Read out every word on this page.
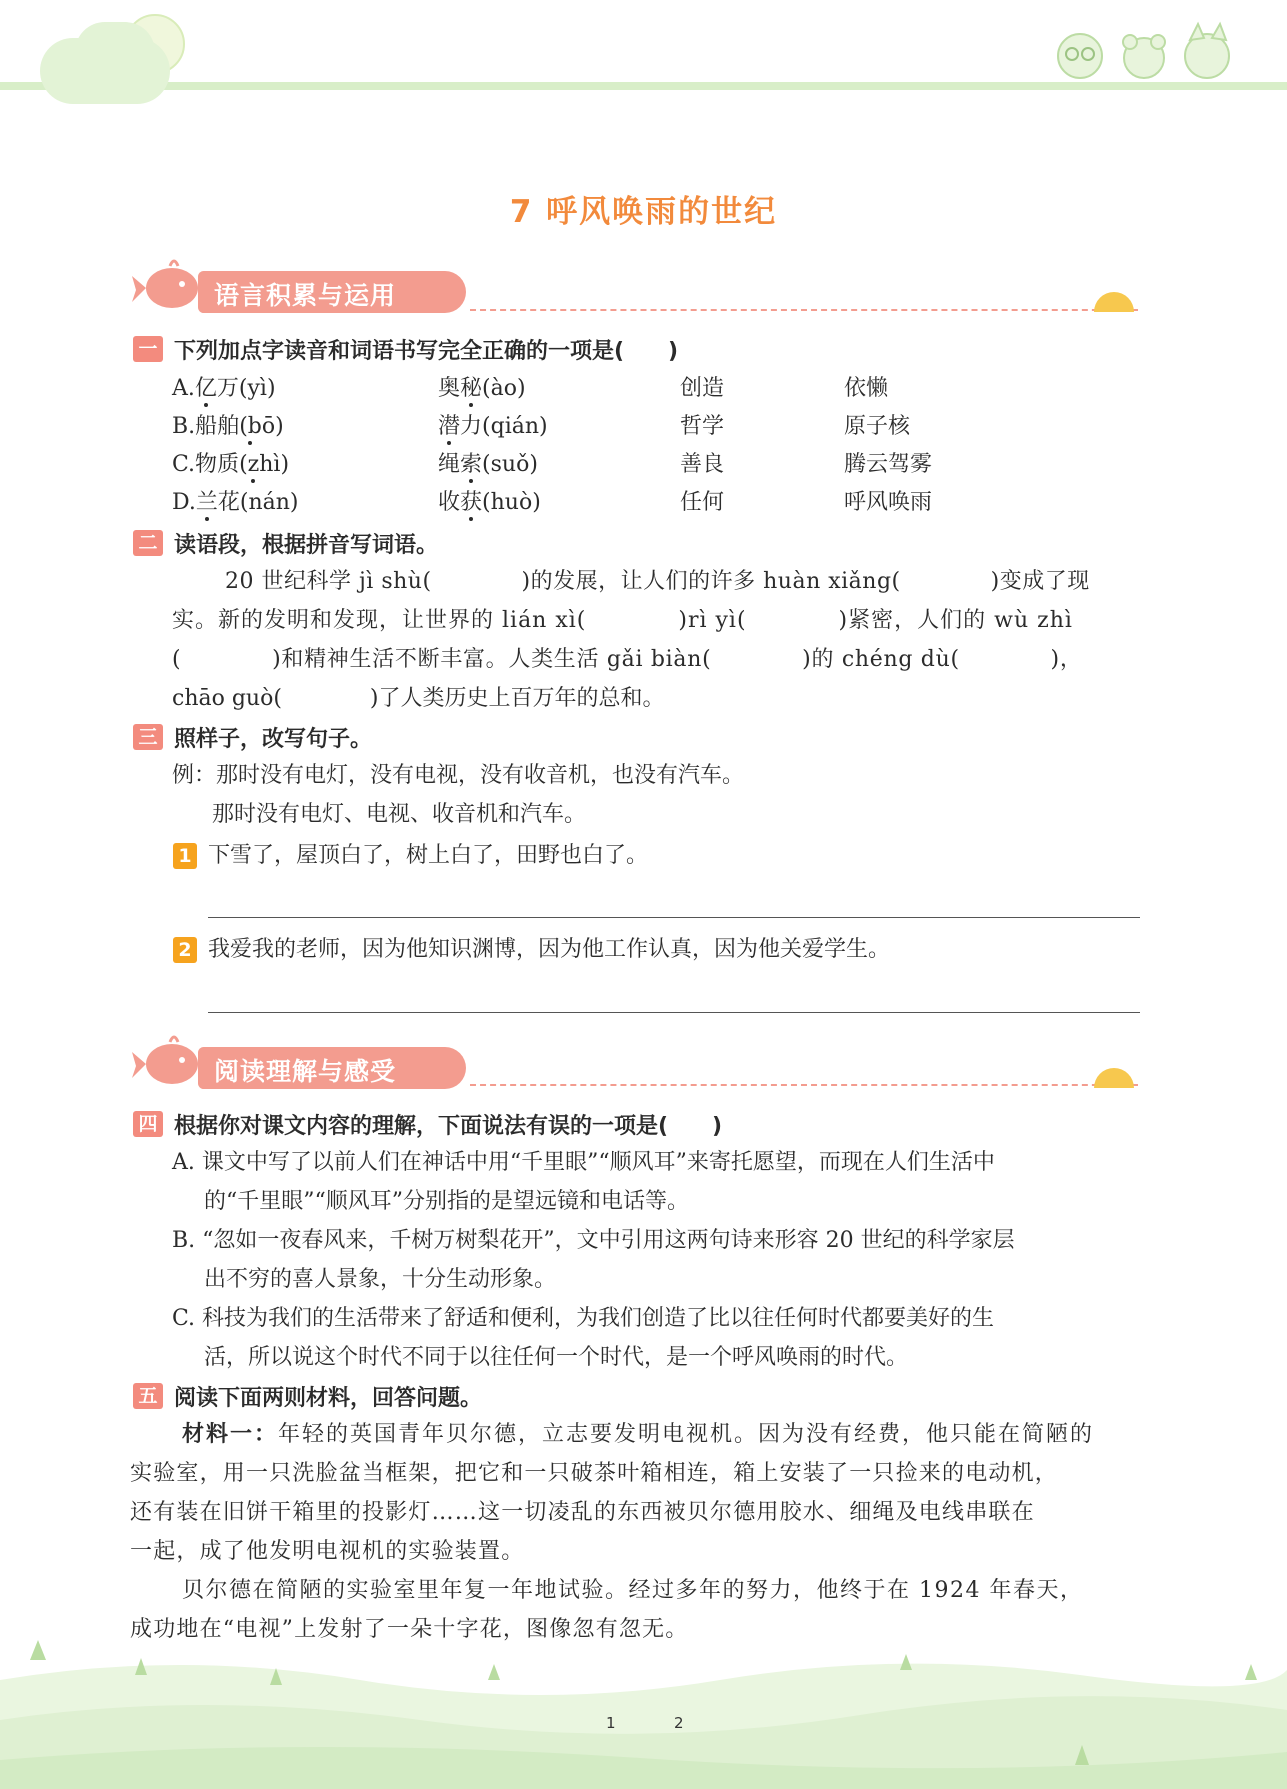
7 呼风唤雨的世纪
语言积累与运用
一 下列加点字读音和词语书写完全正确的一项是(　　)
A.亿万(yì)	奥秘(ào)	创造	依懒
B.船舶(bō)	潜力(qián)	哲学	原子核
C.物质(zhì)	绳索(suǒ)	善良	腾云驾雾
D.兰花(nán)	收获(huò)	任何	呼风唤雨
二 读语段，根据拼音写词语。
20 世纪科学 jì shù(　　　　)的发展，让人们的许多 huàn xiǎng(　　　　)变成了现
实。新的发明和发现，让世界的 lián xì(　　　　)rì yì(　　　　)紧密，人们的 wù zhì
(　　　　)和精神生活不断丰富。人类生活 gǎi biàn(　　　　)的 chéng dù(　　　　)，
chāo guò(　　　　)了人类历史上百万年的总和。
三 照样子，改写句子。
例：那时没有电灯，没有电视，没有收音机，也没有汽车。
那时没有电灯、电视、收音机和汽车。
1 下雪了，屋顶白了，树上白了，田野也白了。
2 我爱我的老师，因为他知识渊博，因为他工作认真，因为他关爱学生。
阅读理解与感受
四 根据你对课文内容的理解，下面说法有误的一项是(　　)
A. 课文中写了以前人们在神话中用“千里眼”“顺风耳”来寄托愿望，而现在人们生活中
的“千里眼”“顺风耳”分别指的是望远镜和电话等。
B. “忽如一夜春风来，千树万树梨花开”，文中引用这两句诗来形容 20 世纪的科学家层
出不穷的喜人景象，十分生动形象。
C. 科技为我们的生活带来了舒适和便利，为我们创造了比以往任何时代都要美好的生
活，所以说这个时代不同于以往任何一个时代，是一个呼风唤雨的时代。
五 阅读下面两则材料，回答问题。
材料一：年轻的英国青年贝尔德，立志要发明电视机。因为没有经费，他只能在简陋的
实验室，用一只洗脸盆当框架，把它和一只破茶叶箱相连，箱上安装了一只捡来的电动机，
还有装在旧饼干箱里的投影灯……这一切凌乱的东西被贝尔德用胶水、细绳及电线串联在
一起，成了他发明电视机的实验装置。
贝尔德在简陋的实验室里年复一年地试验。经过多年的努力，他终于在 1924 年春天，
成功地在“电视”上发射了一朵十字花，图像忽有忽无。
1	2
